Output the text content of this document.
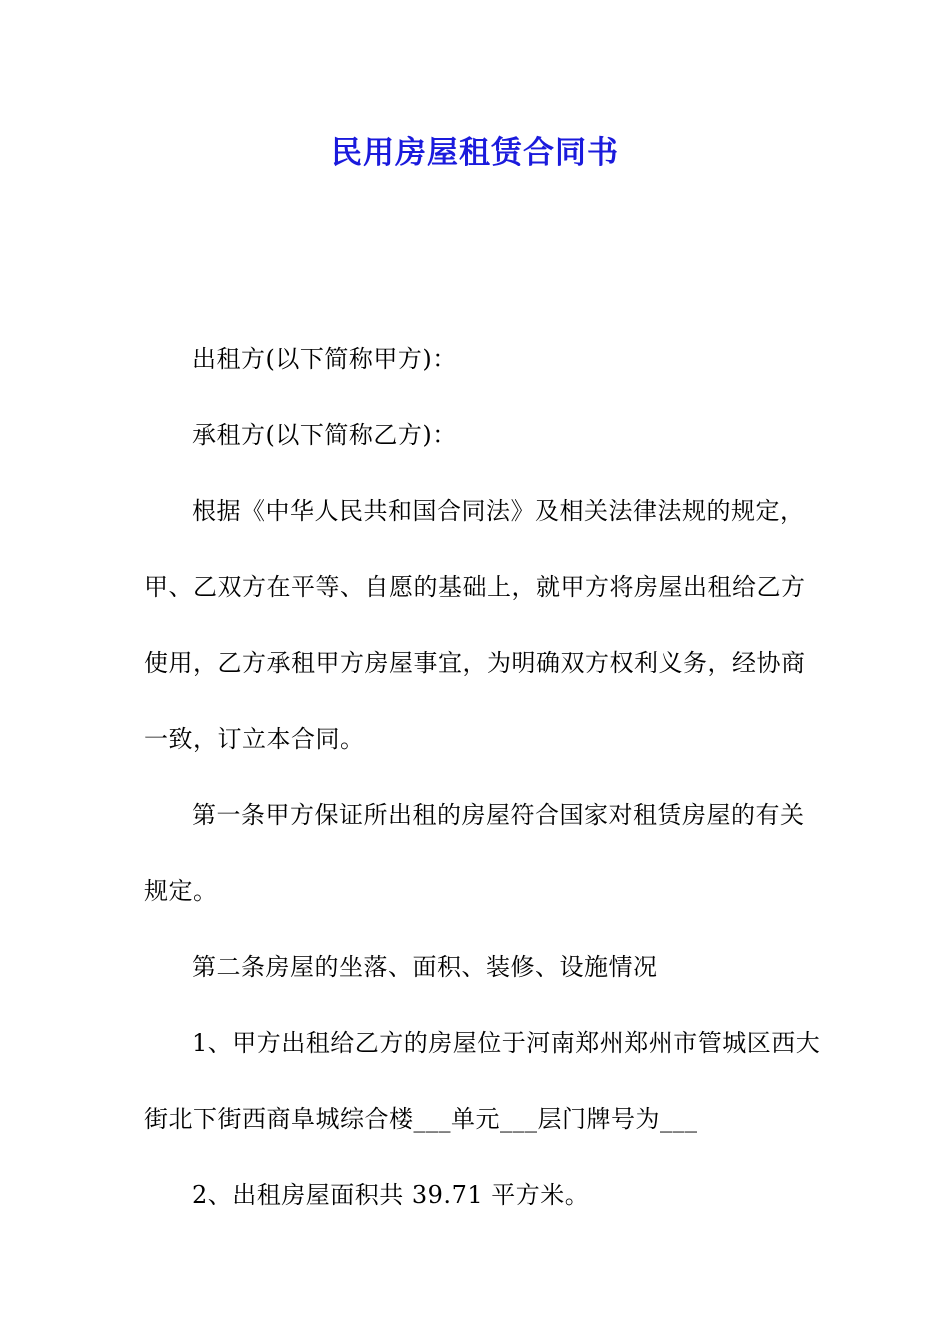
民用房屋租赁合同书
出租方(以下简称甲方)：
承租方(以下简称乙方)：
根据《中华人民共和国合同法》及相关法律法规的规定，
甲、乙双方在平等、自愿的基础上，就甲方将房屋出租给乙方
使用，乙方承租甲方房屋事宜，为明确双方权利义务，经协商
一致，订立本合同。
第一条甲方保证所出租的房屋符合国家对租赁房屋的有关
规定。
第二条房屋的坐落、面积、装修、设施情况
1、甲方出租给乙方的房屋位于河南郑州郑州市管城区西大
街北下街西商阜城综合楼___单元___层门牌号为___
2、出租房屋面积共 39.71 平方米。
